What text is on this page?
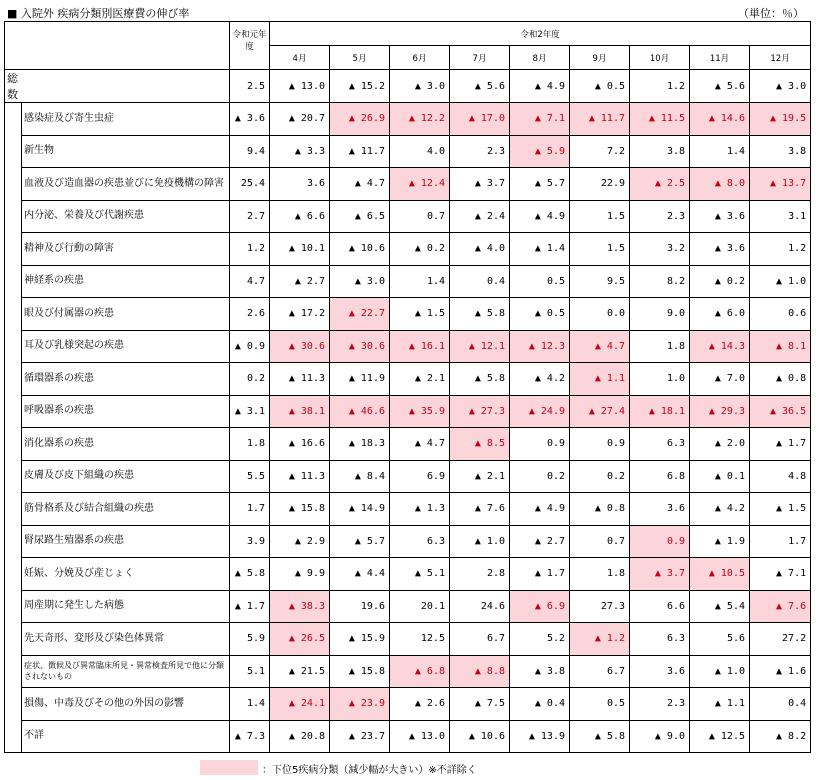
■ 入院外 疾病分類別医療費の伸び率	（単位：％）
		令和元年度	令和2年度								
			4月	5月	6月	7月	8月	9月	10月	11月	12月
総数		2.5	▲ 13.0	▲ 15.2	▲ 3.0	▲ 5.6	▲ 4.9	▲ 0.5	1.2	▲ 5.6	▲ 3.0
	感染症及び寄生虫症	▲ 3.6	▲ 20.7	▲ 26.9	▲ 12.2	▲ 17.0	▲ 7.1	▲ 11.7	▲ 11.5	▲ 14.6	▲ 19.5
	新生物	9.4	▲ 3.3	▲ 11.7	4.0	2.3	▲ 5.9	7.2	3.8	1.4	3.8
	血液及び造血器の疾患並びに免疫機構の障害	25.4	3.6	▲ 4.7	▲ 12.4	▲ 3.7	▲ 5.7	22.9	▲ 2.5	▲ 8.0	▲ 13.7
	内分泌、栄養及び代謝疾患	2.7	▲ 6.6	▲ 6.5	0.7	▲ 2.4	▲ 4.9	1.5	2.3	▲ 3.6	3.1
	精神及び行動の障害	1.2	▲ 10.1	▲ 10.6	▲ 0.2	▲ 4.0	▲ 1.4	1.5	3.2	▲ 3.6	1.2
	神経系の疾患	4.7	▲ 2.7	▲ 3.0	1.4	0.4	0.5	9.5	8.2	▲ 0.2	▲ 1.0
	眼及び付属器の疾患	2.6	▲ 17.2	▲ 22.7	▲ 1.5	▲ 5.8	▲ 0.5	0.0	9.0	▲ 6.0	0.6
	耳及び乳様突起の疾患	▲ 0.9	▲ 30.6	▲ 30.6	▲ 16.1	▲ 12.1	▲ 12.3	▲ 4.7	1.8	▲ 14.3	▲ 8.1
	循環器系の疾患	0.2	▲ 11.3	▲ 11.9	▲ 2.1	▲ 5.8	▲ 4.2	▲ 1.1	1.0	▲ 7.0	▲ 0.8
	呼吸器系の疾患	▲ 3.1	▲ 38.1	▲ 46.6	▲ 35.9	▲ 27.3	▲ 24.9	▲ 27.4	▲ 18.1	▲ 29.3	▲ 36.5
	消化器系の疾患	1.8	▲ 16.6	▲ 18.3	▲ 4.7	▲ 8.5	0.9	0.9	6.3	▲ 2.0	▲ 1.7
	皮膚及び皮下組織の疾患	5.5	▲ 11.3	▲ 8.4	6.9	▲ 2.1	0.2	0.2	6.8	▲ 0.1	4.8
	筋骨格系及び結合組織の疾患	1.7	▲ 15.8	▲ 14.9	▲ 1.3	▲ 7.6	▲ 4.9	▲ 0.8	3.6	▲ 4.2	▲ 1.5
	腎尿路生殖器系の疾患	3.9	▲ 2.9	▲ 5.7	6.3	▲ 1.0	▲ 2.7	0.7	0.9	▲ 1.9	1.7
	妊娠、分娩及び産じょく	▲ 5.8	▲ 9.9	▲ 4.4	▲ 5.1	2.8	▲ 1.7	1.8	▲ 3.7	▲ 10.5	▲ 7.1
	周産期に発生した病態	▲ 1.7	▲ 38.3	19.6	20.1	24.6	▲ 6.9	27.3	6.6	▲ 5.4	▲ 7.6
	先天奇形、変形及び染色体異常	5.9	▲ 26.5	▲ 15.9	12.5	6.7	5.2	▲ 1.2	6.3	5.6	27.2
	症状、徴候及び異常臨床所見・異常検査所見で他に分類されないもの	5.1	▲ 21.5	▲ 15.8	▲ 6.8	▲ 8.8	▲ 3.8	6.7	3.6	▲ 1.0	▲ 1.6
	損傷、中毒及びその他の外因の影響	1.4	▲ 24.1	▲ 23.9	▲ 2.6	▲ 7.5	▲ 0.4	0.5	2.3	▲ 1.1	0.4
	不詳	▲ 7.3	▲ 20.8	▲ 23.7	▲ 13.0	▲ 10.6	▲ 13.9	▲ 5.8	▲ 9.0	▲ 12.5	▲ 8.2
：下位5疾病分類（減少幅が大きい）※不詳除く
